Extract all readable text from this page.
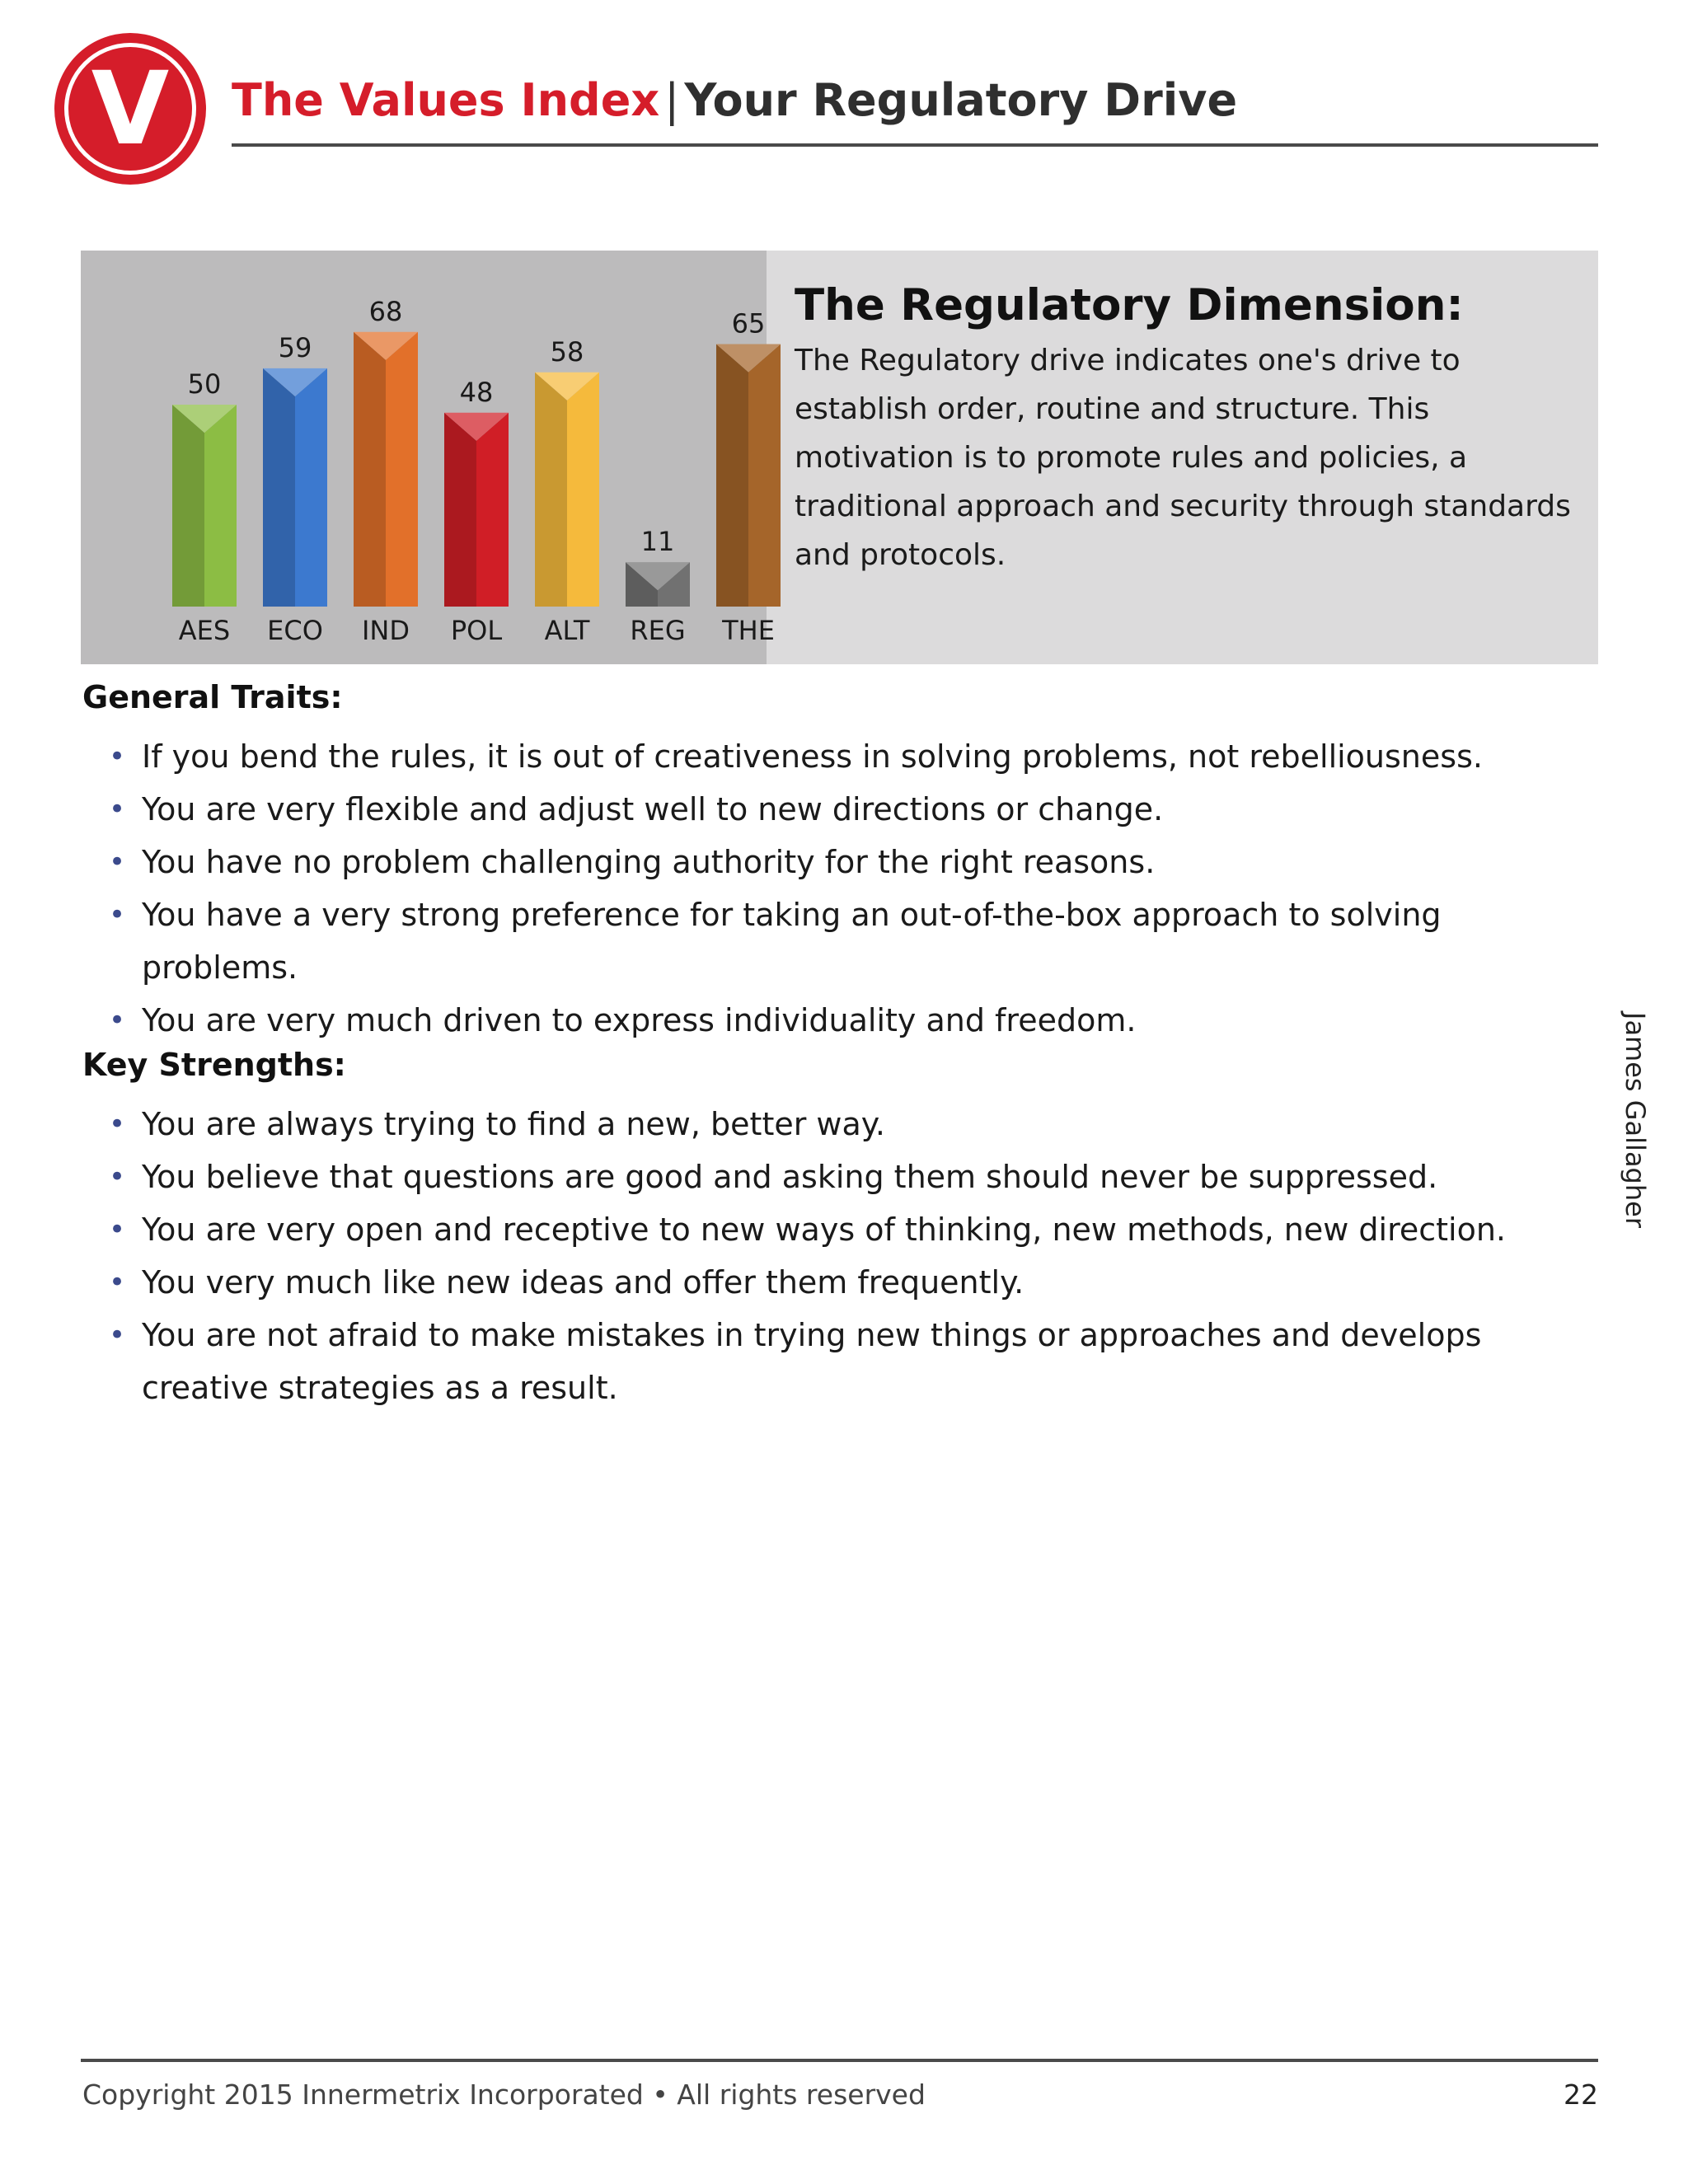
V	The Values Index | Your Regulatory Drive
50
AES
59
ECO
68
IND
48
POL
58
ALT
11
REG
65
THE
The Regulatory Dimension:
The Regulatory drive indicates one's drive to establish order, routine and structure. This motivation is to promote rules and policies, a traditional approach and security through standards and protocols.
General Traits:
• If you bend the rules, it is out of creativeness in solving problems, not rebelliousness.
• You are very flexible and adjust well to new directions or change.
• You have no problem challenging authority for the right reasons.
• You have a very strong preference for taking an out-of-the-box approach to solving problems.
• You are very much driven to express individuality and freedom.
Key Strengths:
• You are always trying to find a new, better way.
• You believe that questions are good and asking them should never be suppressed.
• You are very open and receptive to new ways of thinking, new methods, new direction.
• You very much like new ideas and offer them frequently.
• You are not afraid to make mistakes in trying new things or approaches and develops creative strategies as a result.
James Gallagher
Copyright 2015 Innermetrix Incorporated • All rights reserved	22
